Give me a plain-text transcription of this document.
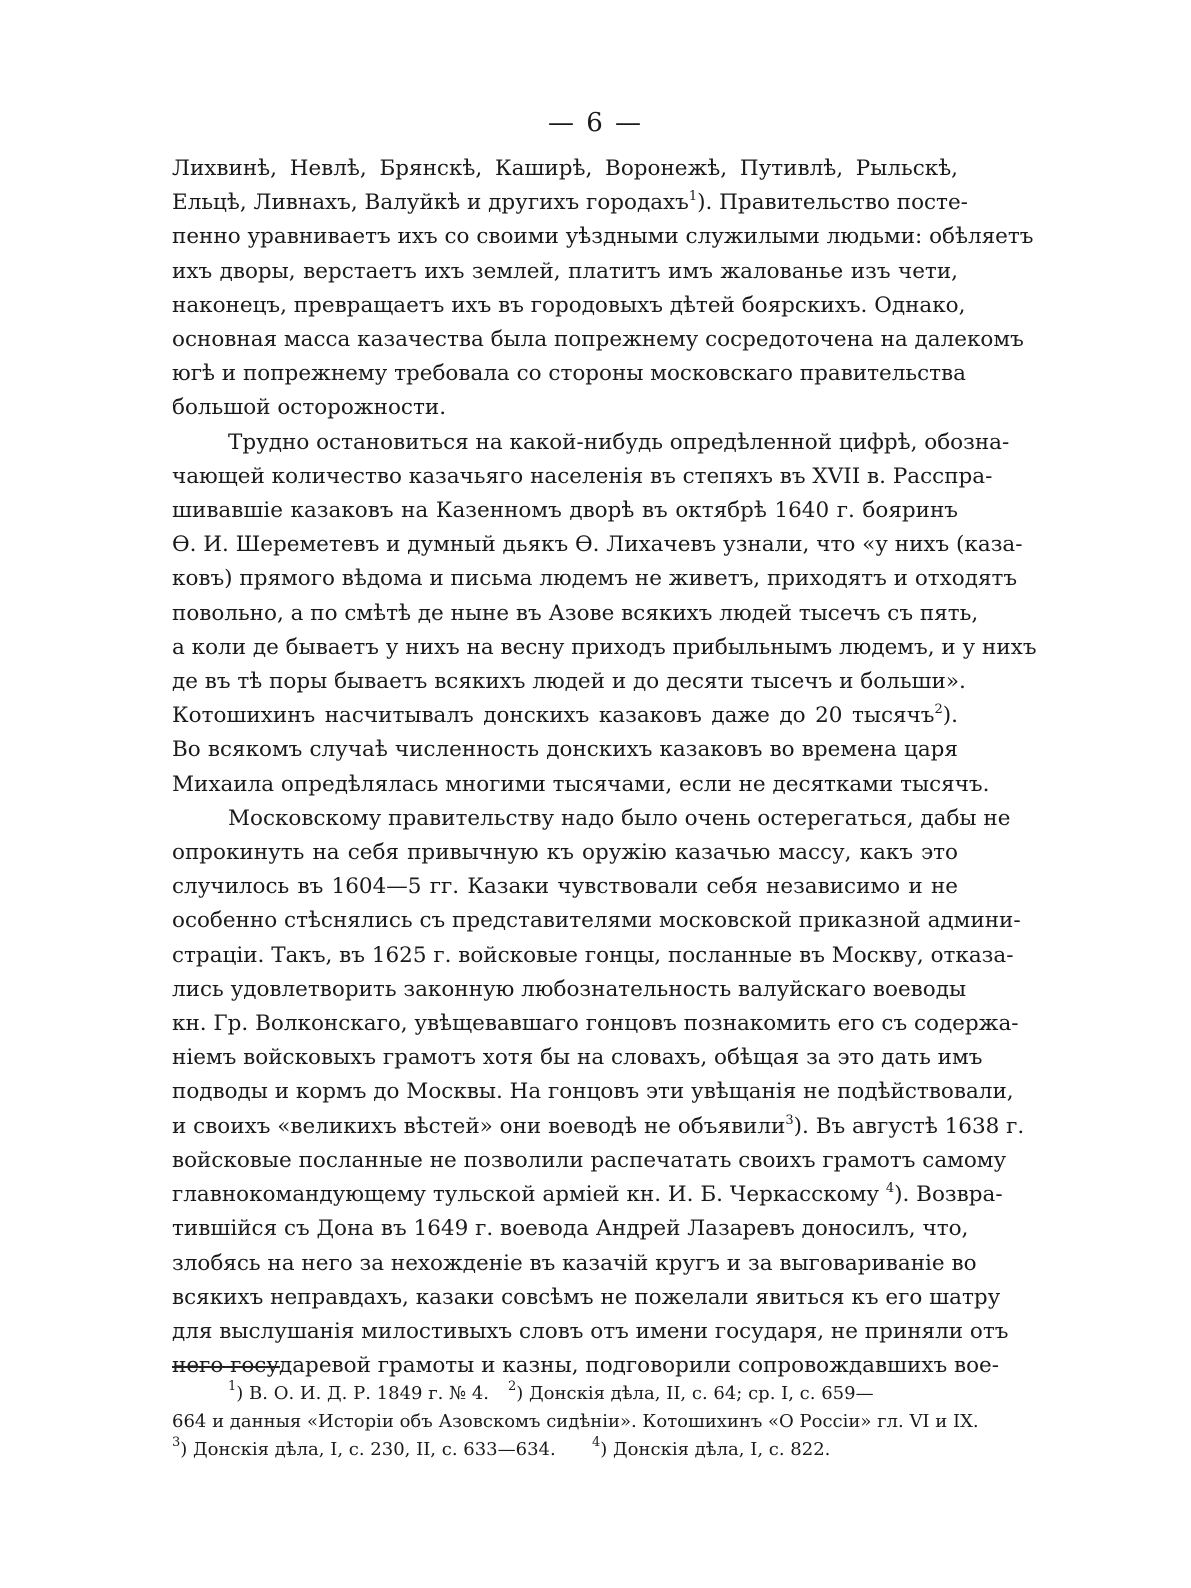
— 6 —
Лихвинѣ, Невлѣ, Брянскѣ, Каширѣ, Воронежѣ, Путивлѣ, Рыльскѣ,
Ельцѣ, Ливнахъ, Валуйкѣ и другихъ городахъ$^1$). Правительство посте-
пенно уравниваетъ ихъ со своими уѣздными служилыми людьми: обѣляетъ
ихъ дворы, верстаетъ ихъ землей, платитъ имъ жалованье изъ чети,
наконецъ, превращаетъ ихъ въ городовыхъ дѣтей боярскихъ. Однако,
основная масса казачества была попрежнему сосредоточена на далекомъ
югѣ и попрежнему требовала со стороны московскаго правительства
большой осторожности.
Трудно остановиться на какой-нибудь опредѣленной цифрѣ, обозна-
чающей количество казачьяго населенія въ степяхъ въ XVII в. Расспра-
шивавшіе казаковъ на Казенномъ дворѣ въ октябрѣ 1640 г. бояринъ
Ѳ. И. Шереметевъ и думный дьякъ Ѳ. Лихачевъ узнали, что «у нихъ (каза-
ковъ) прямого вѣдома и письма людемъ не живетъ, приходятъ и отходятъ
повольно, а по смѣтѣ де ныне въ Азове всякихъ людей тысечъ съ пять,
а коли де бываетъ у нихъ на весну приходъ прибыльнымъ людемъ, и у нихъ
де въ тѣ поры бываетъ всякихъ людей и до десяти тысечъ и больши».
Котошихинъ насчитывалъ донскихъ казаковъ даже до 20 тысячъ$^2$).
Во всякомъ случаѣ численность донскихъ казаковъ во времена царя
Михаила опредѣлялась многими тысячами, если не десятками тысячъ.
Московскому правительству надо было очень остерегаться, дабы не
опрокинуть на себя привычную къ оружію казачью массу, какъ это
случилось въ 1604—5 гг. Казаки чувствовали себя независимо и не
особенно стѣснялись съ представителями московской приказной админи-
страціи. Такъ, въ 1625 г. войсковые гонцы, посланные въ Москву, отказа-
лись удовлетворить законную любознательность валуйскаго воеводы
кн. Гр. Волконскаго, увѣщевавшаго гонцовъ познакомить его съ содержа-
ніемъ войсковыхъ грамотъ хотя бы на словахъ, обѣщая за это дать имъ
подводы и кормъ до Москвы. На гонцовъ эти увѣщанія не подѣйствовали,
и своихъ «великихъ вѣстей» они воеводѣ не объявили$^3$). Въ августѣ 1638 г.
войсковые посланные не позволили распечатать своихъ грамотъ самому
главнокомандующему тульской арміей кн. И. Б. Черкасскому $^4$). Возвра-
тившійся съ Дона въ 1649 г. воевода Андрей Лазаревъ доносилъ, что,
злобясь на него за нехожденіе въ казачій кругъ и за выговариваніе во
всякихъ неправдахъ, казаки совсѣмъ не пожелали явиться къ его шатру
для выслушанія милостивыхъ словъ отъ имени государя, не приняли отъ
него государевой грамоты и казны, подговорили сопровождавшихъ вое-
$^1$) В. О. И. Д. Р. 1849 г. № 4. $^2$) Донскія дѣла, II, с. 64; ср. I, с. 659—
664 и данныя «Исторіи объ Азовскомъ сидѣніи». Котошихинъ «О Россіи» гл. VI и IX.
$^3$) Донскія дѣла, I, с. 230, II, с. 633—634.	$^4$) Донскія дѣла, I, с. 822.
